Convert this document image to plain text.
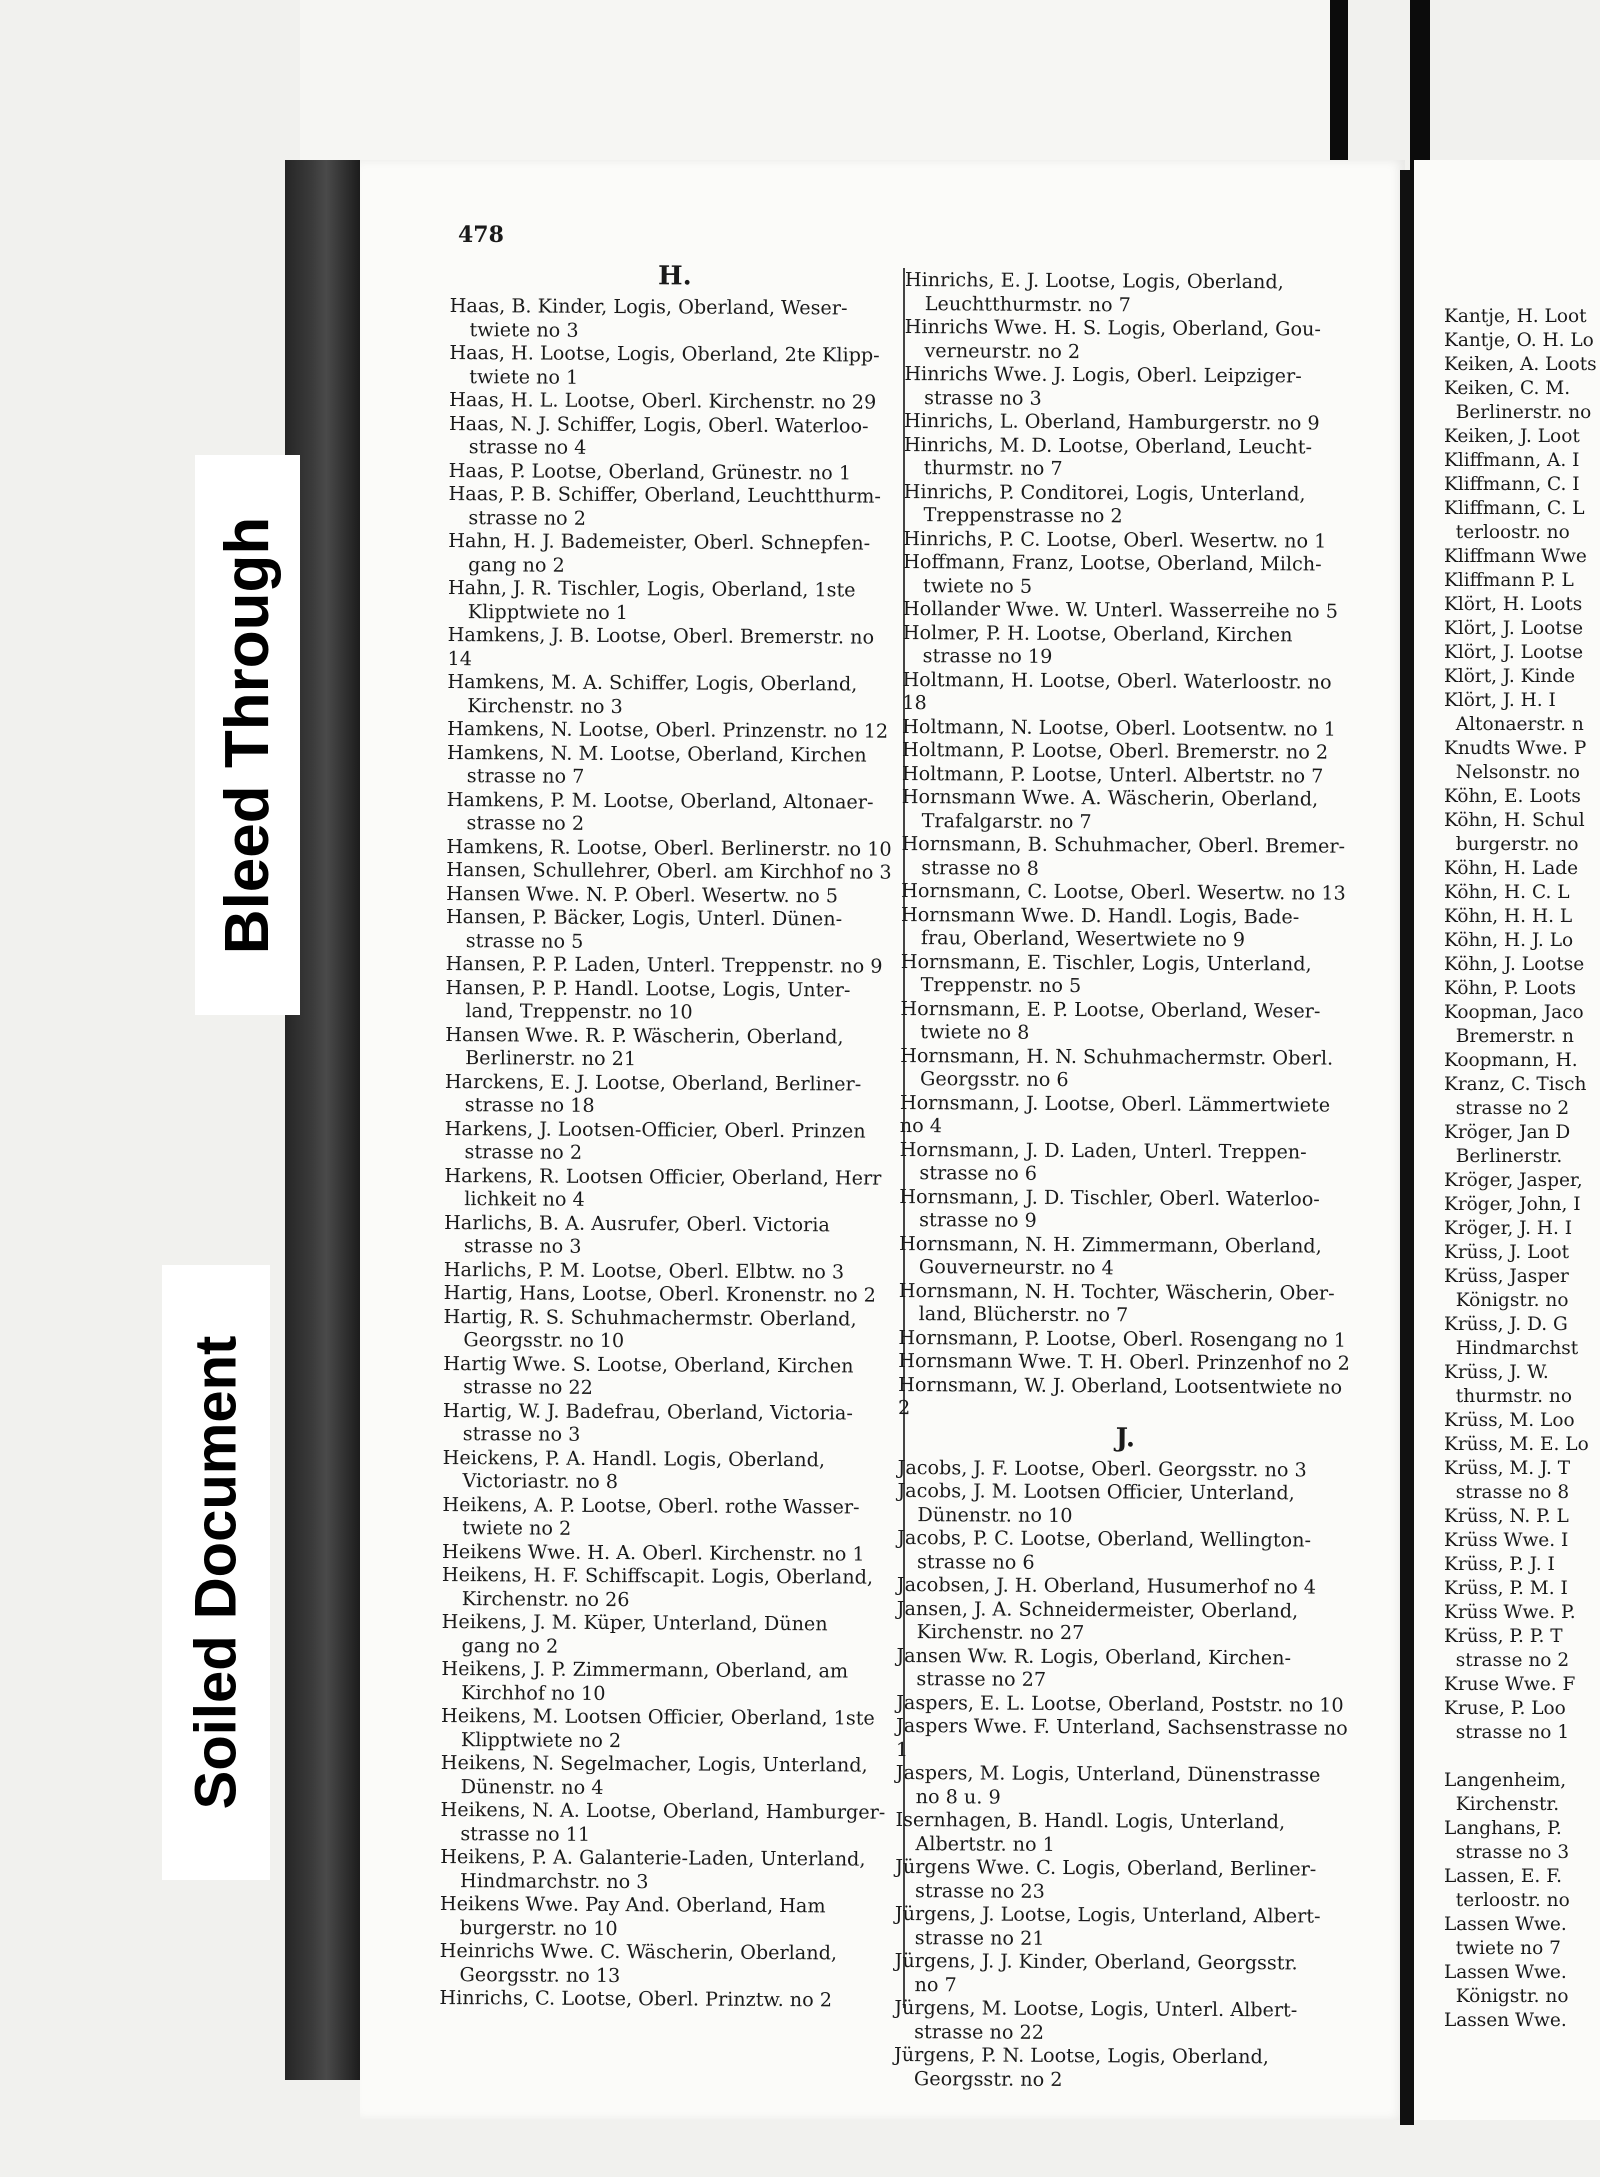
Kantje, H. Loot
Kantje, O. H. Lo
Keiken, A. Loots
Keiken, C. M.
Berlinerstr. no
Keiken, J. Loot
Kliffmann, A. I
Kliffmann, C. I
Kliffmann, C. L
terloostr. no
Kliffmann Wwe
Kliffmann P. L
Klört, H. Loots
Klört, J. Lootse
Klört, J. Lootse
Klört, J. Kinde
Klört, J. H. I
Altonaerstr. n
Knudts Wwe. P
Nelsonstr. no
Köhn, E. Loots
Köhn, H. Schul
burgerstr. no
Köhn, H. Lade
Köhn, H. C. L
Köhn, H. H. L
Köhn, H. J. Lo
Köhn, J. Lootse
Köhn, P. Loots
Koopman, Jaco
Bremerstr. n
Koopmann, H.
Kranz, C. Tisch
strasse no 2
Kröger, Jan D
Berlinerstr.
Kröger, Jasper,
Kröger, John, I
Kröger, J. H. I
Krüss, J. Loot
Krüss, Jasper
Königstr. no
Krüss, J. D. G
Hindmarchst
Krüss, J. W.
thurmstr. no
Krüss, M. Loo
Krüss, M. E. Lo
Krüss, M. J. T
strasse no 8
Krüss, N. P. L
Krüss Wwe. I
Krüss, P. J. I
Krüss, P. M. I
Krüss Wwe. P.
Krüss, P. P. T
strasse no 2
Kruse Wwe. F
Kruse, P. Loo
strasse no 1

Langenheim,
Kirchenstr.
Langhans, P.
strasse no 3
Lassen, E. F.
terloostr. no
Lassen Wwe.
twiete no 7
Lassen Wwe.
Königstr. no
Lassen Wwe.
Bleed Through
Soiled Document
478
H.
Haas, B. Kinder, Logis, Oberland, Weser-
twiete no 3
Haas, H. Lootse, Logis, Oberland, 2te Klipp-
twiete no 1
Haas, H. L. Lootse, Oberl. Kirchenstr. no 29
Haas, N. J. Schiffer, Logis, Oberl. Waterloo-
strasse no 4
Haas, P. Lootse, Oberland, Grünestr. no 1
Haas, P. B. Schiffer, Oberland, Leuchtthurm-
strasse no 2
Hahn, H. J. Bademeister, Oberl. Schnepfen-
gang no 2
Hahn, J. R. Tischler, Logis, Oberland, 1ste
Klipptwiete no 1
Hamkens, J. B. Lootse, Oberl. Bremerstr. no 14
Hamkens, M. A. Schiffer, Logis, Oberland,
Kirchenstr. no 3
Hamkens, N. Lootse, Oberl. Prinzenstr. no 12
Hamkens, N. M. Lootse, Oberland, Kirchen
strasse no 7
Hamkens, P. M. Lootse, Oberland, Altonaer-
strasse no 2
Hamkens, R. Lootse, Oberl. Berlinerstr. no 10
Hansen, Schullehrer, Oberl. am Kirchhof no 3
Hansen Wwe. N. P. Oberl. Wesertw. no 5
Hansen, P. Bäcker, Logis, Unterl. Dünen-
strasse no 5
Hansen, P. P. Laden, Unterl. Treppenstr. no 9
Hansen, P. P. Handl. Lootse, Logis, Unter-
land, Treppenstr. no 10
Hansen Wwe. R. P. Wäscherin, Oberland,
Berlinerstr. no 21
Harckens, E. J. Lootse, Oberland, Berliner-
strasse no 18
Harkens, J. Lootsen-Officier, Oberl. Prinzen
strasse no 2
Harkens, R. Lootsen Officier, Oberland, Herr
lichkeit no 4
Harlichs, B. A. Ausrufer, Oberl. Victoria
strasse no 3
Harlichs, P. M. Lootse, Oberl. Elbtw. no 3
Hartig, Hans, Lootse, Oberl. Kronenstr. no 2
Hartig, R. S. Schuhmachermstr. Oberland,
Georgsstr. no 10
Hartig Wwe. S. Lootse, Oberland, Kirchen
strasse no 22
Hartig, W. J. Badefrau, Oberland, Victoria-
strasse no 3
Heickens, P. A. Handl. Logis, Oberland,
Victoriastr. no 8
Heikens, A. P. Lootse, Oberl. rothe Wasser-
twiete no 2
Heikens Wwe. H. A. Oberl. Kirchenstr. no 1
Heikens, H. F. Schiffscapit. Logis, Oberland,
Kirchenstr. no 26
Heikens, J. M. Küper, Unterland, Dünen
gang no 2
Heikens, J. P. Zimmermann, Oberland, am
Kirchhof no 10
Heikens, M. Lootsen Officier, Oberland, 1ste
Klipptwiete no 2
Heikens, N. Segelmacher, Logis, Unterland,
Dünenstr. no 4
Heikens, N. A. Lootse, Oberland, Hamburger-
strasse no 11
Heikens, P. A. Galanterie-Laden, Unterland,
Hindmarchstr. no 3
Heikens Wwe. Pay And. Oberland, Ham
burgerstr. no 10
Heinrichs Wwe. C. Wäscherin, Oberland,
Georgsstr. no 13
Hinrichs, C. Lootse, Oberl. Prinztw. no 2
Hinrichs, E. J. Lootse, Logis, Oberland,
Leuchtthurmstr. no 7
Hinrichs Wwe. H. S. Logis, Oberland, Gou-
verneurstr. no 2
Hinrichs Wwe. J. Logis, Oberl. Leipziger-
strasse no 3
Hinrichs, L. Oberland, Hamburgerstr. no 9
Hinrichs, M. D. Lootse, Oberland, Leucht-
thurmstr. no 7
Hinrichs, P. Conditorei, Logis, Unterland,
Treppenstrasse no 2
Hinrichs, P. C. Lootse, Oberl. Wesertw. no 1
Hoffmann, Franz, Lootse, Oberland, Milch-
twiete no 5
Hollander Wwe. W. Unterl. Wasserreihe no 5
Holmer, P. H. Lootse, Oberland, Kirchen
strasse no 19
Holtmann, H. Lootse, Oberl. Waterloostr. no 18
Holtmann, N. Lootse, Oberl. Lootsentw. no 1
Holtmann, P. Lootse, Oberl. Bremerstr. no 2
Holtmann, P. Lootse, Unterl. Albertstr. no 7
Hornsmann Wwe. A. Wäscherin, Oberland,
Trafalgarstr. no 7
Hornsmann, B. Schuhmacher, Oberl. Bremer-
strasse no 8
Hornsmann, C. Lootse, Oberl. Wesertw. no 13
Hornsmann Wwe. D. Handl. Logis, Bade-
frau, Oberland, Wesertwiete no 9
Hornsmann, E. Tischler, Logis, Unterland,
Treppenstr. no 5
Hornsmann, E. P. Lootse, Oberland, Weser-
twiete no 8
Hornsmann, H. N. Schuhmachermstr. Oberl.
Georgsstr. no 6
Hornsmann, J. Lootse, Oberl. Lämmertwiete no 4
Hornsmann, J. D. Laden, Unterl. Treppen-
strasse no 6
Hornsmann, J. D. Tischler, Oberl. Waterloo-
strasse no 9
Hornsmann, N. H. Zimmermann, Oberland,
Gouverneurstr. no 4
Hornsmann, N. H. Tochter, Wäscherin, Ober-
land, Blücherstr. no 7
Hornsmann, P. Lootse, Oberl. Rosengang no 1
Hornsmann Wwe. T. H. Oberl. Prinzenhof no 2
Hornsmann, W. J. Oberland, Lootsentwiete no 2
J.
Jacobs, J. F. Lootse, Oberl. Georgsstr. no 3
Jacobs, J. M. Lootsen Officier, Unterland,
Dünenstr. no 10
Jacobs, P. C. Lootse, Oberland, Wellington-
strasse no 6
Jacobsen, J. H. Oberland, Husumerhof no 4
Jansen, J. A. Schneidermeister, Oberland,
Kirchenstr. no 27
Jansen Ww. R. Logis, Oberland, Kirchen-
strasse no 27
Jaspers, E. L. Lootse, Oberland, Poststr. no 10
Jaspers Wwe. F. Unterland, Sachsenstrasse no 1
Jaspers, M. Logis, Unterland, Dünenstrasse
no 8 u. 9
Isernhagen, B. Handl. Logis, Unterland,
Albertstr. no 1
Jürgens Wwe. C. Logis, Oberland, Berliner-
strasse no 23
Jürgens, J. Lootse, Logis, Unterland, Albert-
strasse no 21
Jürgens, J. J. Kinder, Oberland, Georgsstr.
no 7
Jürgens, M. Lootse, Logis, Unterl. Albert-
strasse no 22
Jürgens, P. N. Lootse, Logis, Oberland,
Georgsstr. no 2
